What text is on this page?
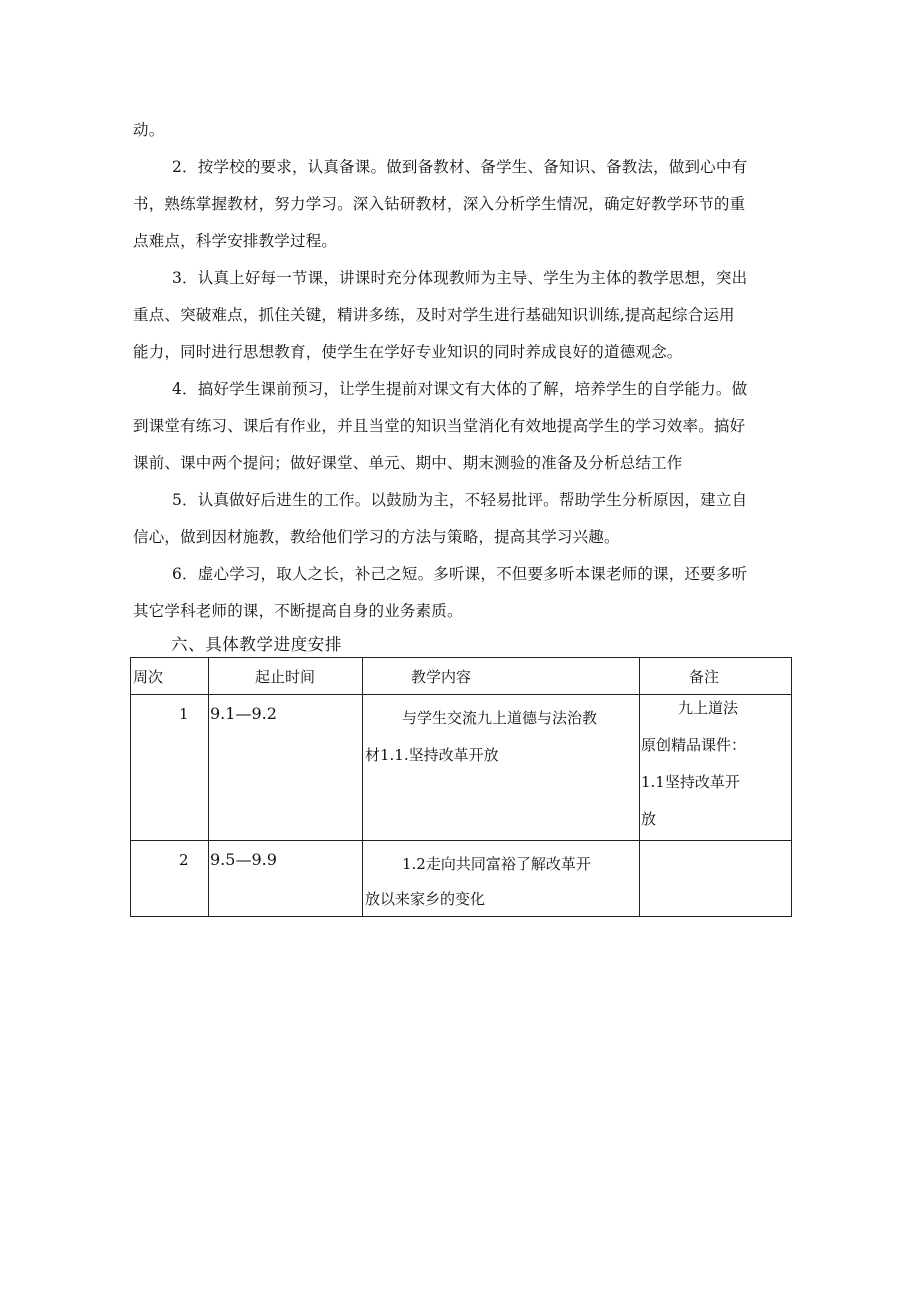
动。
2．按学校的要求，认真备课。做到备教材、备学生、备知识、备教法，做到心中有
书，熟练掌握教材，努力学习。深入钻研教材，深入分析学生情况，确定好教学环节的重
点难点，科学安排教学过程。
3．认真上好每一节课，讲课时充分体现教师为主导、学生为主体的教学思想，突出
重点、突破难点，抓住关键，精讲多练，及时对学生进行基础知识训练,提高起综合运用
能力，同时进行思想教育，使学生在学好专业知识的同时养成良好的道德观念。
4．搞好学生课前预习，让学生提前对课文有大体的了解，培养学生的自学能力。做
到课堂有练习、课后有作业，并且当堂的知识当堂消化有效地提高学生的学习效率。搞好
课前、课中两个提问；做好课堂、单元、期中、期末测验的准备及分析总结工作
5．认真做好后进生的工作。以鼓励为主，不轻易批评。帮助学生分析原因，建立自
信心，做到因材施教，教给他们学习的方法与策略，提高其学习兴趣。
6．虚心学习，取人之长，补己之短。多听课，不但要多听本课老师的课，还要多听
其它学科老师的课，不断提高自身的业务素质。
六、具体教学进度安排
周次	起止时间	教学内容	备注

1	9.1—9.2	与学生交流九上道德与法治教
材1.1.坚持改革开放	九上道法
原创精品课件：
1.1坚持改革开
放

2	9.5—9.9	1.2走向共同富裕了解改革开
放以来家乡的变化	
